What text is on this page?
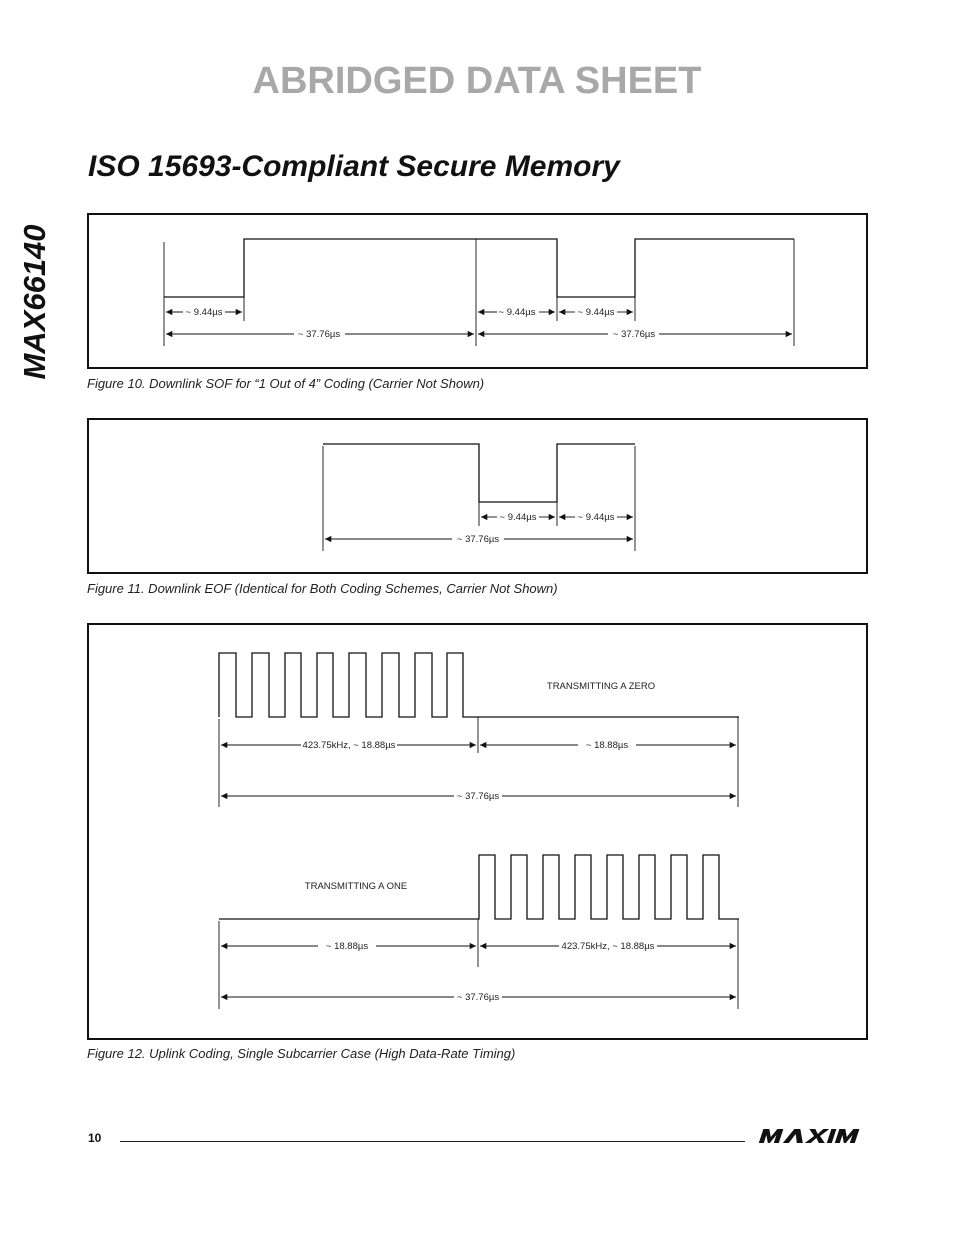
ABRIDGED DATA SHEET
ISO 15693-Compliant Secure Memory
MAX66140	~ 9.44µs	~ 9.44µs	~ 9.44µs
~ 37.76µs	~ 37.76µs
Figure 10. Downlink SOF for “1 Out of 4” Coding (Carrier Not Shown)
~ 9.44µs	~ 9.44µs
~ 37.76µs
Figure 11. Downlink EOF (Identical for Both Coding Schemes, Carrier Not Shown)
TRANSMITTING A ZERO
423.75kHz, ~ 18.88µs	~ 18.88µs
~ 37.76µs
TRANSMITTING A ONE
~ 18.88µs	423.75kHz, ~ 18.88µs
~ 37.76µs
Figure 12. Uplink Coding, Single Subcarrier Case (High Data-Rate Timing)
10
